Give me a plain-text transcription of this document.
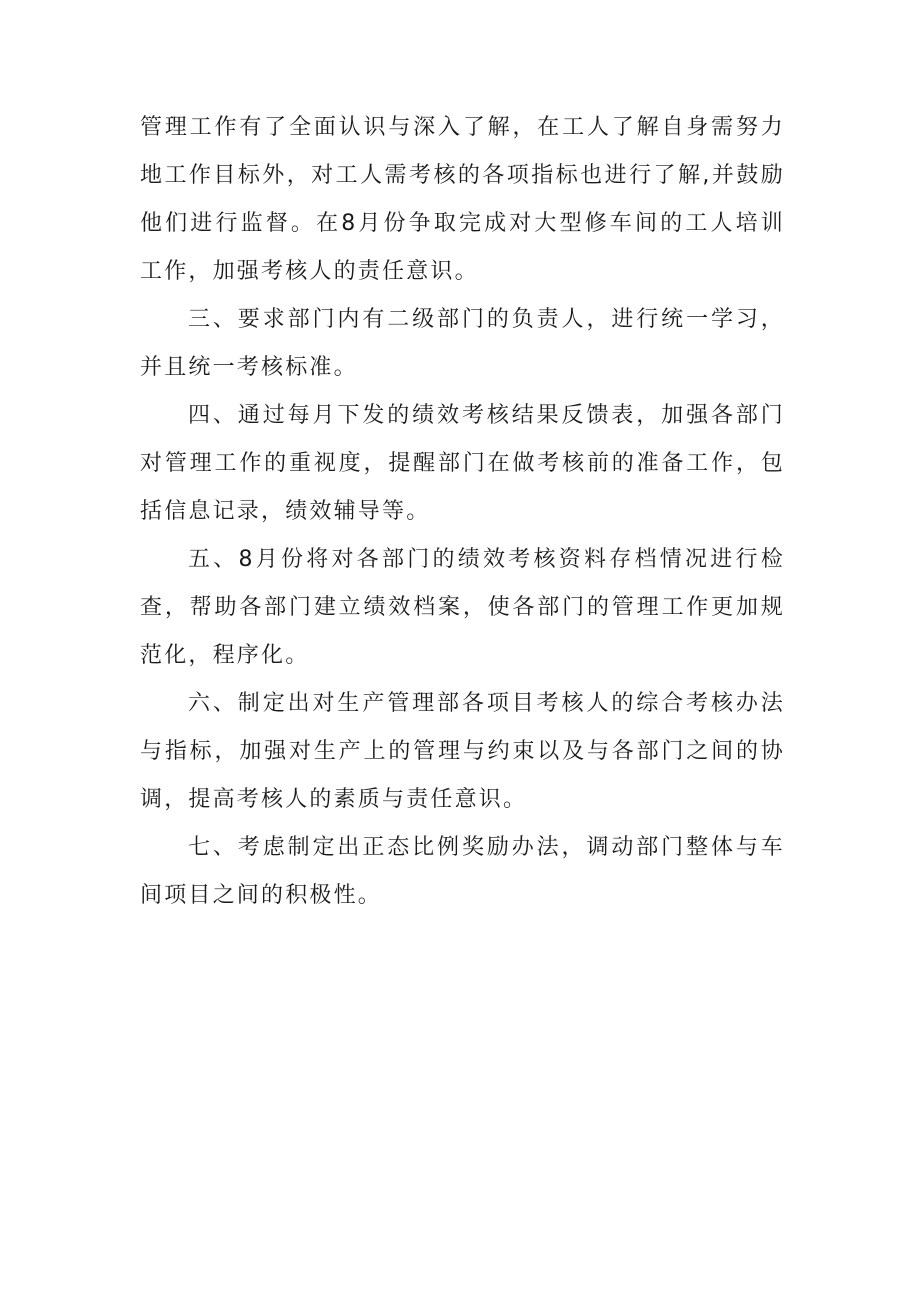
管理工作有了全面认识与深入了解，在工人了解自身需努力地工作目标外，对工人需考核的各项指标也进行了解,并鼓励他们进行监督。在8月份争取完成对大型修车间的工人培训工作，加强考核人的责任意识。

三、要求部门内有二级部门的负责人，进行统一学习，并且统一考核标准。

四、通过每月下发的绩效考核结果反馈表，加强各部门对管理工作的重视度，提醒部门在做考核前的准备工作，包括信息记录，绩效辅导等。

五、8月份将对各部门的绩效考核资料存档情况进行检查，帮助各部门建立绩效档案，使各部门的管理工作更加规范化，程序化。

六、制定出对生产管理部各项目考核人的综合考核办法与指标，加强对生产上的管理与约束以及与各部门之间的协调，提高考核人的素质与责任意识。

七、考虑制定出正态比例奖励办法，调动部门整体与车间项目之间的积极性。
